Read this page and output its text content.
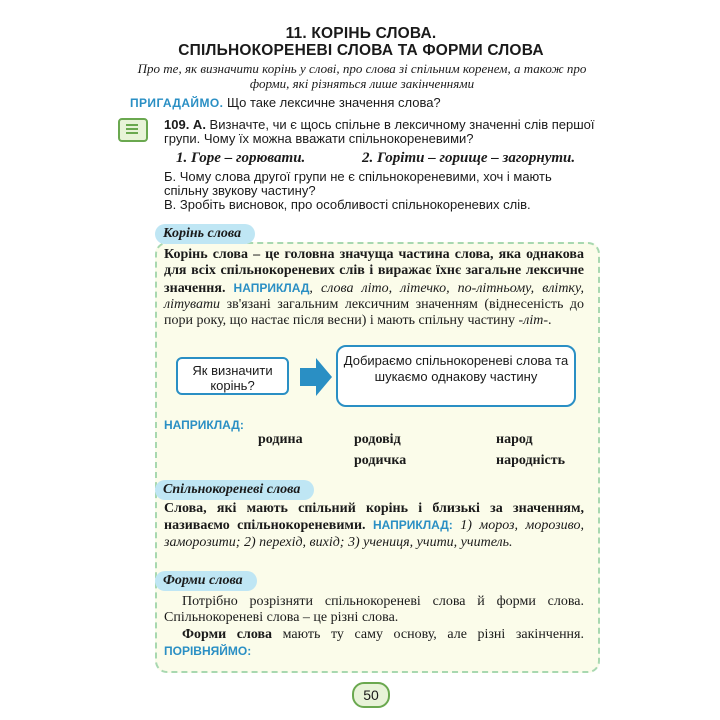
11. КОРІНЬ СЛОВА.
СПІЛЬНОКОРЕНЕВІ СЛОВА ТА ФОРМИ СЛОВА
Про те, як визначити корінь у слові, про слова зі спільним коренем, а також про форми, які різняться лише закінченнями
ПРИГАДАЙМО. Що таке лексичне значення слова?
109. А. Визначте, чи є щось спільне в лексичному значенні слів першої групи. Чому їх можна вважати спільнокореневими?
1. Горе – горювати.	2. Горіти – горище – загорнути.
Б. Чому слова другої групи не є спільнокореневими, хоч і мають спільну звукову частину?
В. Зробіть висновок, про особливості спільнокореневих слів.
Корінь слова
Корінь слова – це головна значуща частина слова, яка однакова для всіх спільнокореневих слів і виражає їхнє загальне лексичне значення. НАПРИКЛАД, слова літо, літечко, по-літньому, влітку, літувати зв'язані загальним лексичним значенням (віднесеність до пори року, що настає після весни) і мають спільну частину -літ-.
Як визначити корінь?
Добираємо спільнокореневі слова та шукаємо однакову частину
НАПРИКЛАД:
родина	родовід
родичка
народ
народність
Спільнокореневі слова
Слова, які мають спільний корінь і близькі за значенням, називаємо спільнокореневими. НАПРИКЛАД: 1) мороз, морозиво, заморозити; 2) перехід, вихід; 3) учениця, учити, учитель.
Форми слова
Потрібно розрізняти спільнокореневі слова й форми слова. Спільнокореневі слова – це різні слова.
Форми слова мають ту саму основу, але різні закінчення. ПОРІВНЯЙМО:
50
